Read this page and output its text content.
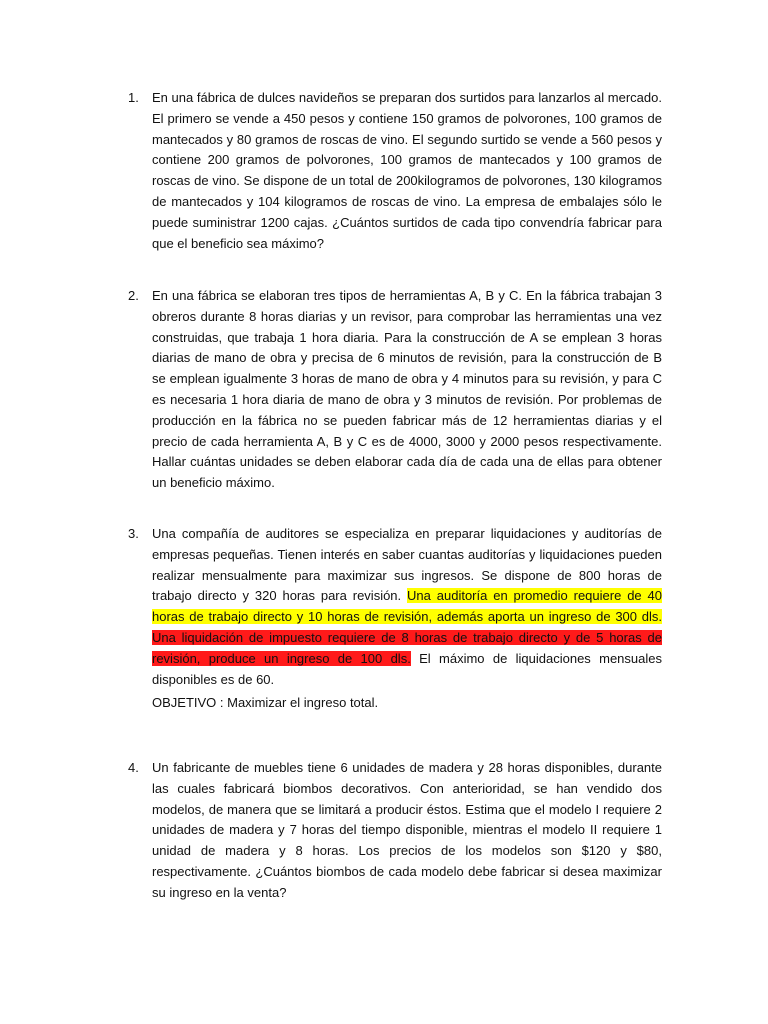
1.	En una fábrica de dulces navideños se preparan dos surtidos para lanzarlos al mercado. El primero se vende a 450 pesos y contiene 150 gramos de polvorones, 100 gramos de mantecados y 80 gramos de roscas de vino. El segundo surtido se vende a 560 pesos y contiene 200 gramos de polvorones, 100 gramos de mantecados y 100 gramos de roscas de vino. Se dispone de un total de 200kilogramos de polvorones, 130 kilogramos de mantecados y 104 kilogramos de roscas de vino. La empresa de embalajes sólo le puede suministrar 1200 cajas. ¿Cuántos surtidos de cada tipo convendría fabricar para que el beneficio sea máximo?
2.	En una fábrica se elaboran tres tipos de herramientas A, B y C. En la fábrica trabajan 3 obreros durante 8 horas diarias y un revisor, para comprobar las herramientas una vez construidas, que trabaja 1 hora diaria. Para la construcción de A se emplean 3 horas diarias de mano de obra y precisa de 6 minutos de revisión, para la construcción de B se emplean igualmente 3 horas de mano de obra y 4 minutos para su revisión, y para C es necesaria 1 hora diaria de mano de obra y 3 minutos de revisión. Por problemas de producción en la fábrica no se pueden fabricar más de 12 herramientas diarias y el precio de cada herramienta A, B y C es de 4000, 3000 y 2000 pesos respectivamente. Hallar cuántas unidades se deben elaborar cada día de cada una de ellas para obtener un beneficio máximo.
3.	Una compañía de auditores se especializa en preparar liquidaciones y auditorías de empresas pequeñas. Tienen interés en saber cuantas auditorías y liquidaciones pueden realizar mensualmente para maximizar sus ingresos. Se dispone de 800 horas de trabajo directo y 320 horas para revisión. Una auditoría en promedio requiere de 40 horas de trabajo directo y 10 horas de revisión, además aporta un ingreso de 300 dls. Una liquidación de impuesto requiere de 8 horas de trabajo directo y de 5 horas de revisión, produce un ingreso de 100 dls. El máximo de liquidaciones mensuales disponibles es de 60.
OBJETIVO : Maximizar el ingreso total.
4.	Un fabricante de muebles tiene 6 unidades de madera y 28 horas disponibles, durante las cuales fabricará biombos decorativos. Con anterioridad, se han vendido dos modelos, de manera que se limitará a producir éstos. Estima que el modelo I requiere 2 unidades de madera y 7 horas del tiempo disponible, mientras el modelo II requiere 1 unidad de madera y 8 horas. Los precios de los modelos son $120 y $80, respectivamente. ¿Cuántos biombos de cada modelo debe fabricar si desea maximizar su ingreso en la venta?
